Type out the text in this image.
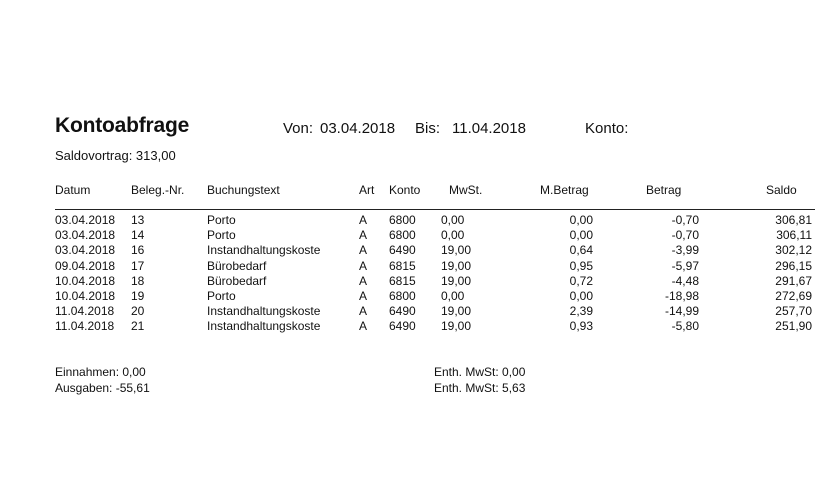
Kontoabfrage	Von: 03.04.2018 Bis: 11.04.2018	Konto:
Saldovortrag: 313,00
Datum	Beleg.-Nr. Buchungstext	Art Konto MwSt.	M.Betrag	Betrag	Saldo
03.04.2018 13	Porto	A 6800 0,00	0,00	-0,70	306,81
03.04.2018 14	Porto	A 6800 0,00	0,00	-0,70	306,11
03.04.2018 16	Instandhaltungskoste	A 6490 19,00	0,64	-3,99	302,12
09.04.2018 17	Bürobedarf	A 6815 19,00	0,95	-5,97	296,15
10.04.2018 18	Bürobedarf	A 6815 19,00	0,72	-4,48	291,67
10.04.2018 19	Porto	A 6800 0,00	0,00	-18,98	272,69
11.04.2018 20	Instandhaltungskoste	A 6490 19,00	2,39	-14,99	257,70
11.04.2018 21	Instandhaltungskoste	A 6490 19,00	0,93	-5,80	251,90
Einnahmen: 0,00
Ausgaben: -55,61
Enth. MwSt: 0,00
Enth. MwSt: 5,63
